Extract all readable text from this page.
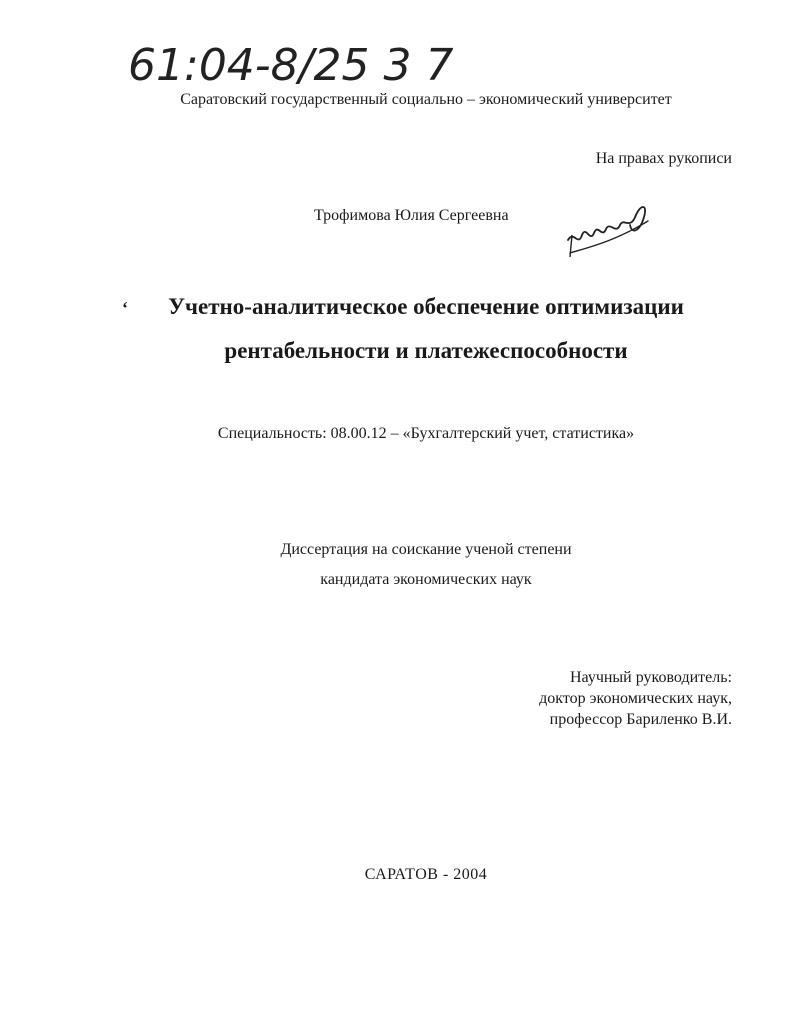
61:04-8/25 3 7
Саратовский государственный социально – экономический университет
На правах рукописи
Трофимова Юлия Сергеевна
‘	Учетно-аналитическое обеспечение оптимизации
рентабельности и платежеспособности
Специальность: 08.00.12 – «Бухгалтерский учет, статистика»
Диссертация на соискание ученой степени
кандидата экономических наук
Научный руководитель:
доктор экономических наук,
профессор Бариленко В.И.
САРАТОВ - 2004
